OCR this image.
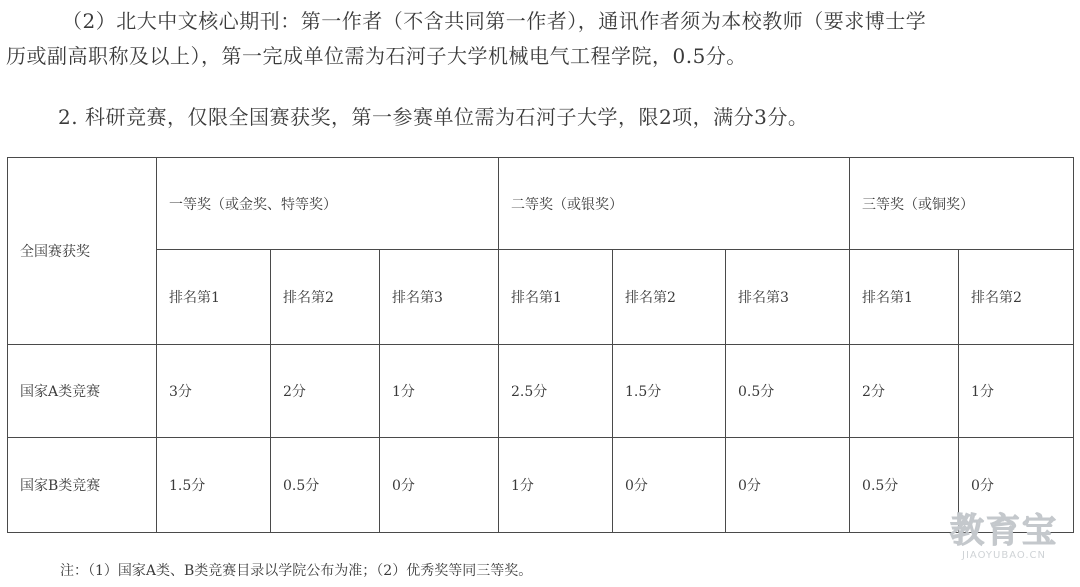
（2）北大中文核心期刊：第一作者（不含共同第一作者），通讯作者须为本校教师（要求博士学
历或副高职称及以上），第一完成单位需为石河子大学机械电气工程学院，0.5分。
2. 科研竞赛，仅限全国赛获奖，第一参赛单位需为石河子大学，限2项，满分3分。
全国赛获奖	一等奖（或金奖、特等奖）			二等奖（或银奖）			三等奖（或铜奖）	
	排名第1	排名第2	排名第3	排名第1	排名第2	排名第3	排名第1	排名第2
国家A类竞赛	3分	2分	1分	2.5分	1.5分	0.5分	2分	1分
国家B类竞赛	1.5分	0.5分	0分	1分	0分	0分	0.5分	0分
注：（1）国家A类、B类竞赛目录以学院公布为准；（2）优秀奖等同三等奖。
教育宝
JIAOYUBAO.CN
